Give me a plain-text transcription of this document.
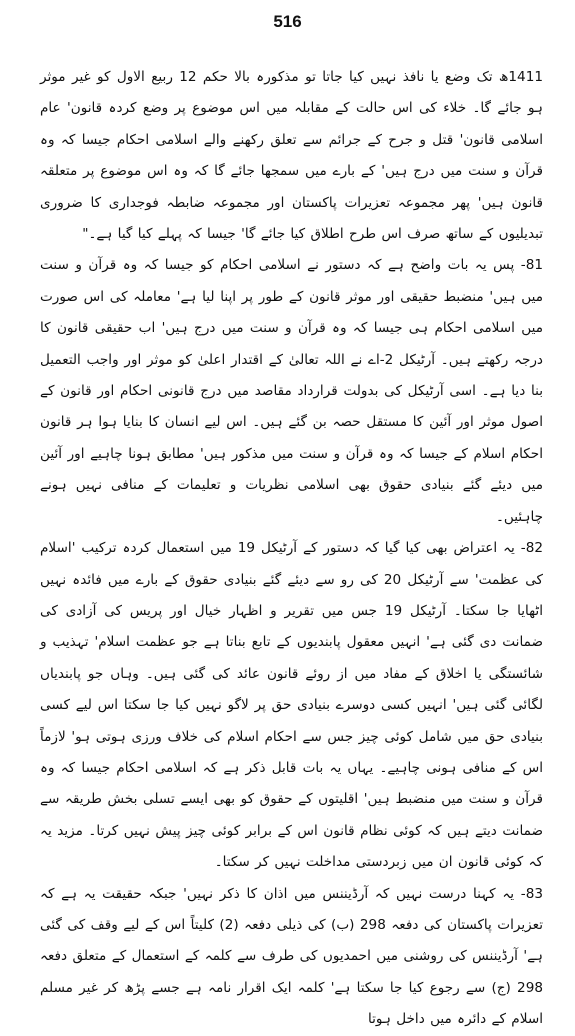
516

1411ھ تک وضع یا نافذ نہیں کیا جاتا تو مذکورہ بالا حکم 12 ربیع الاول کو غیر موثر ہو جائے گا۔ خلاء کی اس حالت کے مقابلہ میں اس موضوع پر وضع کردہ قانون' عام اسلامی قانون' قتل و جرح کے جرائم سے تعلق رکھنے والے اسلامی احکام جیسا کہ وہ قرآن و سنت میں درج ہیں' کے بارے میں سمجھا جائے گا کہ وہ اس موضوع پر متعلقہ قانون ہیں' پھر مجموعہ تعزیرات پاکستان اور مجموعہ ضابطہ فوجداری کا ضروری تبدیلیوں کے ساتھ صرف اس طرح اطلاق کیا جائے گا' جیسا کہ پہلے کیا گیا ہے۔"

81- پس یہ بات واضح ہے کہ دستور نے اسلامی احکام کو جیسا کہ وہ قرآن و سنت میں ہیں' منضبط حقیقی اور موثر قانون کے طور پر اپنا لیا ہے' معاملہ کی اس صورت میں اسلامی احکام ہی جیسا کہ وہ قرآن و سنت میں درج ہیں' اب حقیقی قانون کا درجہ رکھتے ہیں۔ آرٹیکل 2-اے نے اللہ تعالیٰ کے اقتدار اعلیٰ کو موثر اور واجب التعمیل بنا دیا ہے۔ اسی آرٹیکل کی بدولت قرارداد مقاصد میں درج قانونی احکام اور قانون کے اصول موثر اور آئین کا مستقل حصہ بن گئے ہیں۔ اس لیے انسان کا بنایا ہوا ہر قانون احکام اسلام کے جیسا کہ وہ قرآن و سنت میں مذکور ہیں' مطابق ہونا چاہیے اور آئین میں دیئے گئے بنیادی حقوق بھی اسلامی نظریات و تعلیمات کے منافی نہیں ہونے چاہئیں۔

82- یہ اعتراض بھی کیا گیا کہ دستور کے آرٹیکل 19 میں استعمال کردہ ترکیب 'اسلام کی عظمت' سے آرٹیکل 20 کی رو سے دیئے گئے بنیادی حقوق کے بارے میں فائدہ نہیں اٹھایا جا سکتا۔ آرٹیکل 19 جس میں تقریر و اظہار خیال اور پریس کی آزادی کی ضمانت دی گئی ہے' انہیں معقول پابندیوں کے تابع بناتا ہے جو عظمت اسلام' تہذیب و شائستگی یا اخلاق کے مفاد میں از روئے قانون عائد کی گئی ہیں۔ وہاں جو پابندیاں لگائی گئی ہیں' انہیں کسی دوسرے بنیادی حق پر لاگو نہیں کیا جا سکتا اس لیے کسی بنیادی حق میں شامل کوئی چیز جس سے احکام اسلام کی خلاف ورزی ہوتی ہو' لازماً اس کے منافی ہونی چاہیے۔ یہاں یہ بات قابل ذکر ہے کہ اسلامی احکام جیسا کہ وہ قرآن و سنت میں منضبط ہیں' اقلیتوں کے حقوق کو بھی ایسے تسلی بخش طریقہ سے ضمانت دیتے ہیں کہ کوئی نظام قانون اس کے برابر کوئی چیز پیش نہیں کرتا۔ مزید یہ کہ کوئی قانون ان میں زبردستی مداخلت نہیں کر سکتا۔

83- یہ کہنا درست نہیں کہ آرڈیننس میں اذان کا ذکر نہیں' جبکہ حقیقت یہ ہے کہ تعزیرات پاکستان کی دفعہ 298 (ب) کی ذیلی دفعہ (2) کلیتاً اس کے لیے وقف کی گئی ہے' آرڈیننس کی روشنی میں احمدیوں کی طرف سے کلمہ کے استعمال کے متعلق دفعہ 298 (ج) سے رجوع کیا جا سکتا ہے' کلمہ ایک اقرار نامہ ہے جسے پڑھ کر غیر مسلم اسلام کے دائرہ میں داخل ہوتا
